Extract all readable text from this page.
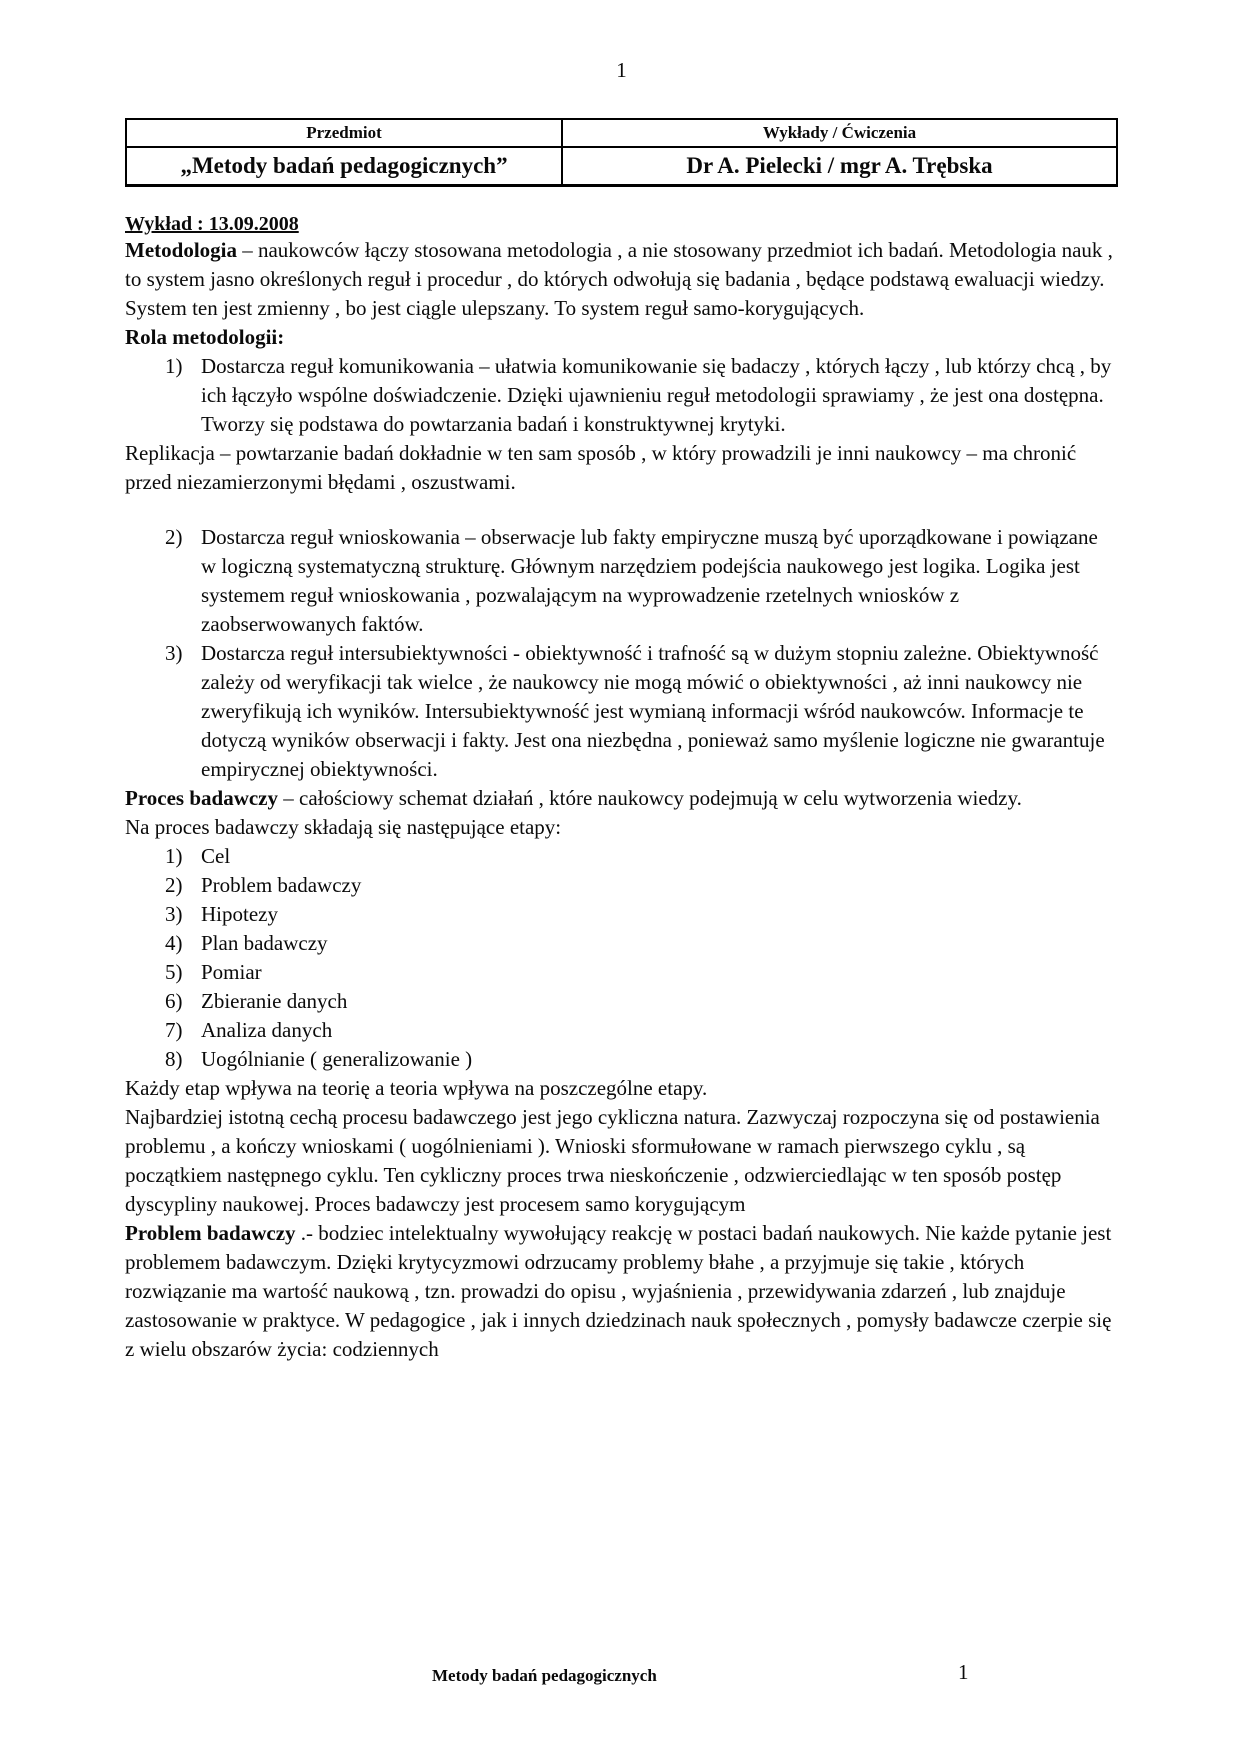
1
Przedmiot	Wykłady / Ćwiczenia
„Metody badań pedagogicznych”	Dr A. Pielecki / mgr A. Trębska
Wykład : 13.09.2008

Metodologia – naukowców łączy stosowana metodologia , a nie stosowany przedmiot ich badań. Metodologia nauk , to system jasno określonych reguł i procedur , do których odwołują się badania , będące podstawą ewaluacji wiedzy. System ten jest zmienny , bo jest ciągle ulepszany. To system reguł samo-korygujących.

Rola metodologii:

1) Dostarcza reguł komunikowania – ułatwia komunikowanie się badaczy , których łączy , lub którzy chcą , by ich łączyło wspólne doświadczenie. Dzięki ujawnieniu reguł metodologii sprawiamy , że jest ona dostępna. Tworzy się podstawa do powtarzania badań i konstruktywnej krytyki.

Replikacja – powtarzanie badań dokładnie w ten sam sposób , w który prowadzili je inni naukowcy – ma chronić przed niezamierzonymi błędami , oszustwami.

2) Dostarcza reguł wnioskowania – obserwacje lub fakty empiryczne muszą być uporządkowane i powiązane w logiczną systematyczną strukturę. Głównym narzędziem podejścia naukowego jest logika. Logika jest systemem reguł wnioskowania , pozwalającym na wyprowadzenie rzetelnych wniosków z zaobserwowanych faktów.
3) Dostarcza reguł intersubiektywności - obiektywność i trafność są w dużym stopniu zależne. Obiektywność zależy od weryfikacji tak wielce , że naukowcy nie mogą mówić o obiektywności , aż inni naukowcy nie zweryfikują ich wyników. Intersubiektywność jest wymianą informacji wśród naukowców. Informacje te dotyczą wyników obserwacji i fakty. Jest ona niezbędna , ponieważ samo myślenie logiczne nie gwarantuje empirycznej obiektywności.

Proces badawczy – całościowy schemat działań , które naukowcy podejmują w celu wytworzenia wiedzy.

Na proces badawczy składają się następujące etapy:

1) Cel
2) Problem badawczy
3) Hipotezy
4) Plan badawczy
5) Pomiar
6) Zbieranie danych
7) Analiza danych
8) Uogólnianie ( generalizowanie )

Każdy etap wpływa na teorię a teoria wpływa na poszczególne etapy.

Najbardziej istotną cechą procesu badawczego jest jego cykliczna natura. Zazwyczaj rozpoczyna się od postawienia problemu , a kończy wnioskami ( uogólnieniami ). Wnioski sformułowane w ramach pierwszego cyklu , są początkiem następnego cyklu. Ten cykliczny proces trwa nieskończenie , odzwierciedlając w ten sposób postęp dyscypliny naukowej. Proces badawczy jest procesem samo korygującym

Problem badawczy .- bodziec intelektualny wywołujący reakcję w postaci badań naukowych. Nie każde pytanie jest problemem badawczym. Dzięki krytycyzmowi odrzucamy problemy błahe , a przyjmuje się takie , których rozwiązanie ma wartość naukową , tzn. prowadzi do opisu , wyjaśnienia , przewidywania zdarzeń , lub znajduje zastosowanie w praktyce. W pedagogice , jak i innych dziedzinach nauk społecznych , pomysły badawcze czerpie się z wielu obszarów życia: codziennych

Metody badań pedagogicznych	1
